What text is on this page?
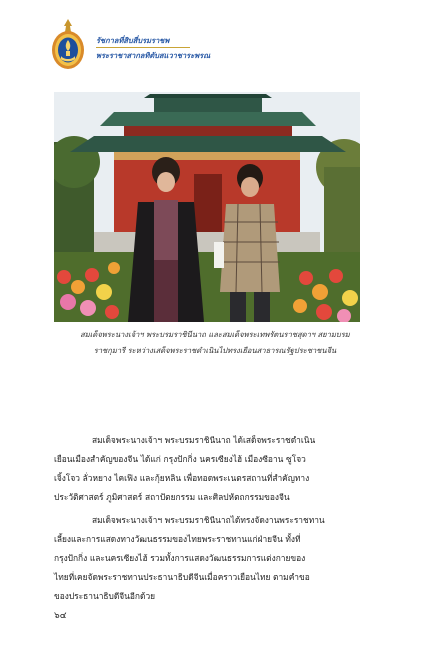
รัชกาลที่สิบสี่บรมราชพ
พระราชาสากลทิตับสแวาชาระพรณ
สมเด็จพระนางเจ้าฯ พระบรมราชินีนาถ และสมเด็จพระเทพรัตนราชสุดาฯ สยามบรม
ราชกุมารี ระหว่างเสด็จพระราชดำเนินไปทรงเยือนสาธารณรัฐประชาชนจีน
สมเด็จพระนางเจ้าฯ พระบรมราชินีนาถ ได้เสด็จพระราชดำเนิน
เยือนเมืองสำคัญของจีน ได้แก่ กรุงปักกิ่ง นครเซียงไฮ้ เมืองซีอาน ซูโจว
เจิ้งโจว ลั่วหยาง ไคเฟิง และกุ้ยหลิน เพื่อทอดพระเนตรสถานที่สำคัญทาง
ประวัติศาสตร์ ภูมิศาสตร์ สถาปัตยกรรม และศิลปหัตถกรรมของจีน
สมเด็จพระนางเจ้าฯ พระบรมราชินีนาถได้ทรงจัดงานพระราชทาน
เลี้ยงและการแสดงทางวัฒนธรรมของไทยพระราชทานแก่ฝ่ายจีน ทั้งที่
กรุงปักกิ่ง และนครเซียงไฮ้ รวมทั้งการแสดงวัฒนธรรมการแต่งกายของ
ไทยที่เคยจัดพระราชทานประธานาธิบดีจีนเมื่อคราวเยือนไทย ตามคำขอ
ของประธานาธิบดีจีนอีกด้วย
๖๔
